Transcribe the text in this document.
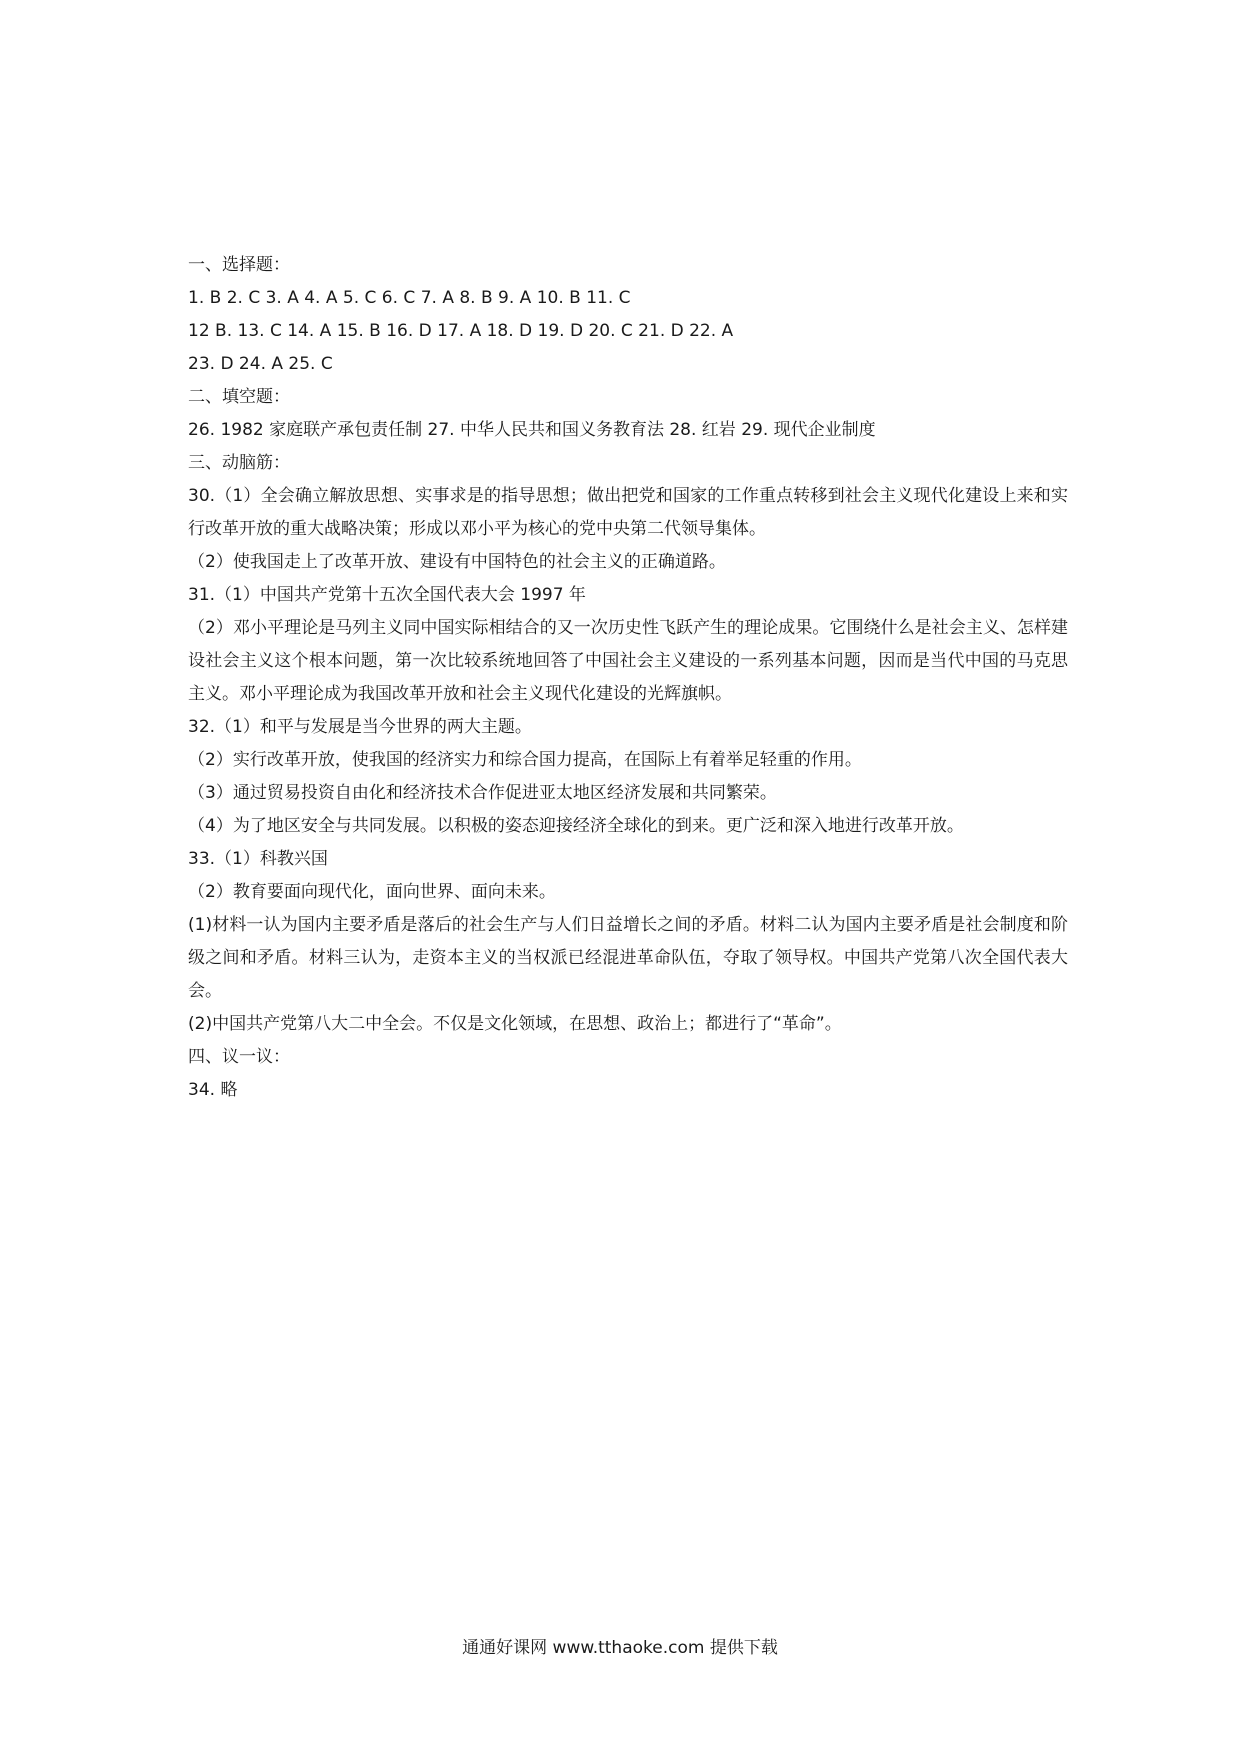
一、选择题：
1. B 2. C 3. A 4. A 5. C 6. C 7. A 8. B 9. A 10. B 11. C
12 B. 13. C 14. A 15. B 16. D 17. A 18. D 19. D 20. C 21. D 22. A
23. D 24. A 25. C
二、填空题：
26. 1982 家庭联产承包责任制 27. 中华人民共和国义务教育法 28. 红岩 29. 现代企业制度
三、动脑筋：
30.（1）全会确立解放思想、实事求是的指导思想；做出把党和国家的工作重点转移到社会主义现代化建设上来和实行改革开放的重大战略决策；形成以邓小平为核心的党中央第二代领导集体。
（2）使我国走上了改革开放、建设有中国特色的社会主义的正确道路。
31.（1）中国共产党第十五次全国代表大会 1997 年
（2）邓小平理论是马列主义同中国实际相结合的又一次历史性飞跃产生的理论成果。它围绕什么是社会主义、怎样建设社会主义这个根本问题，第一次比较系统地回答了中国社会主义建设的一系列基本问题，因而是当代中国的马克思主义。邓小平理论成为我国改革开放和社会主义现代化建设的光辉旗帜。
32.（1）和平与发展是当今世界的两大主题。
（2）实行改革开放，使我国的经济实力和综合国力提高，在国际上有着举足轻重的作用。
（3）通过贸易投资自由化和经济技术合作促进亚太地区经济发展和共同繁荣。
（4）为了地区安全与共同发展。以积极的姿态迎接经济全球化的到来。更广泛和深入地进行改革开放。
33.（1）科教兴国
（2）教育要面向现代化，面向世界、面向未来。
(1)材料一认为国内主要矛盾是落后的社会生产与人们日益增长之间的矛盾。材料二认为国内主要矛盾是社会制度和阶级之间和矛盾。材料三认为，走资本主义的当权派已经混进革命队伍，夺取了领导权。中国共产党第八次全国代表大会。
(2)中国共产党第八大二中全会。不仅是文化领域，在思想、政治上；都进行了“革命”。
四、议一议：
34. 略
通通好课网 www.tthaoke.com 提供下载
